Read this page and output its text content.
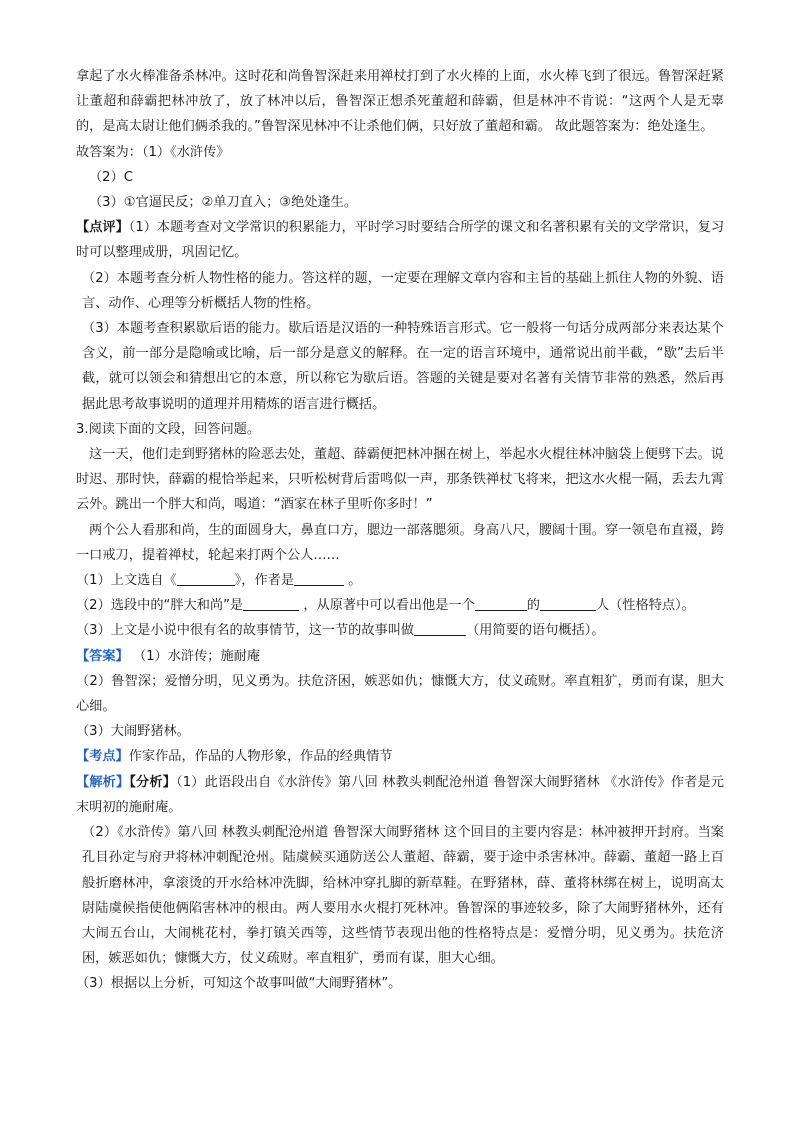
拿起了水火棒准备杀林冲。这时花和尚鲁智深赶来用禅杖打到了水火棒的上面，水火棒飞到了很远。鲁智深赶紧让董超和薛霸把林冲放了，放了林冲以后，鲁智深正想杀死董超和薛霸，但是林冲不肯说：“这两个人是无辜的，是高太尉让他们俩杀我的。”鲁智深见林冲不让杀他们俩，只好放了董超和霸。 故此题答案为：绝处逢生。

故答案为：（1）《水浒传》

（2）C

（3）①官逼民反；②单刀直入；③绝处逢生。

【点评】（1）本题考查对文学常识的积累能力，平时学习时要结合所学的课文和名著积累有关的文学常识，复习时可以整理成册，巩固记忆。

（2）本题考查分析人物性格的能力。答这样的题，一定要在理解文章内容和主旨的基础上抓住人物的外貌、语言、动作、心理等分析概括人物的性格。

（3）本题考查积累歇后语的能力。歇后语是汉语的一种特殊语言形式。它一般将一句话分成两部分来表达某个含义，前一部分是隐喻或比喻，后一部分是意义的解释。在一定的语言环境中，通常说出前半截，“歇”去后半截，就可以领会和猜想出它的本意，所以称它为歇后语。答题的关键是要对名著有关情节非常的熟悉，然后再据此思考故事说明的道理并用精炼的语言进行概括。

3.阅读下面的文段，回答问题。

这一天，他们走到野猪林的险恶去处，董超、薛霸便把林冲捆在树上，举起水火棍往林冲脑袋上便劈下去。说时迟、那时快，薛霸的棍恰举起来，只听松树背后雷鸣似一声，那条铁禅杖飞将来，把这水火棍一隔，丢去九霄云外。跳出一个胖大和尚，喝道：“酒家在林子里听你多时！”

两个公人看那和尚，生的面圆身大，鼻直口方，腮边一部落腮须。身高八尺，腰阔十围。穿一领皂布直裰，跨一口戒刀，提着禅杖，轮起来打两个公人……

（1）上文选自《	》，作者是	。

（2）选段中的“胖大和尚”是	，从原著中可以看出他是一个	的	人（性格特点）。

（3）上文是小说中很有名的故事情节，这一节的故事叫做	（用简要的语句概括）。

【答案】 （1）水浒传；施耐庵

（2）鲁智深；爱憎分明，见义勇为。扶危济困，嫉恶如仇；慷慨大方，仗义疏财。率直粗犷，勇而有谋，胆大心细。

（3）大闹野猪林。

【考点】作家作品，作品的人物形象，作品的经典情节

【解析】【分析】（1）此语段出自《水浒传》第八回 林教头刺配沧州道 鲁智深大闹野猪林 《水浒传》作者是元末明初的施耐庵。

（2）《水浒传》第八回 林教头刺配沧州道 鲁智深大闹野猪林 这个回目的主要内容是：林冲被押开封府。当案孔目孙定与府尹将林冲刺配沧州。陆虞候买通防送公人董超、薛霸，要于途中杀害林冲。薛霸、董超一路上百般折磨林冲，拿滚烫的开水给林冲洗脚，给林冲穿扎脚的新草鞋。在野猪林，薛、董将林绑在树上，说明高太尉陆虞候指使他俩陷害林冲的根由。两人要用水火棍打死林冲。鲁智深的事迹较多，除了大闹野猪林外，还有大闹五台山，大闹桃花村，拳打镇关西等，这些情节表现出他的性格特点是：爱憎分明，见义勇为。扶危济困，嫉恶如仇；慷慨大方，仗义疏财。率直粗犷，勇而有谋，胆大心细。

（3）根据以上分析，可知这个故事叫做“大闹野猪林”。
